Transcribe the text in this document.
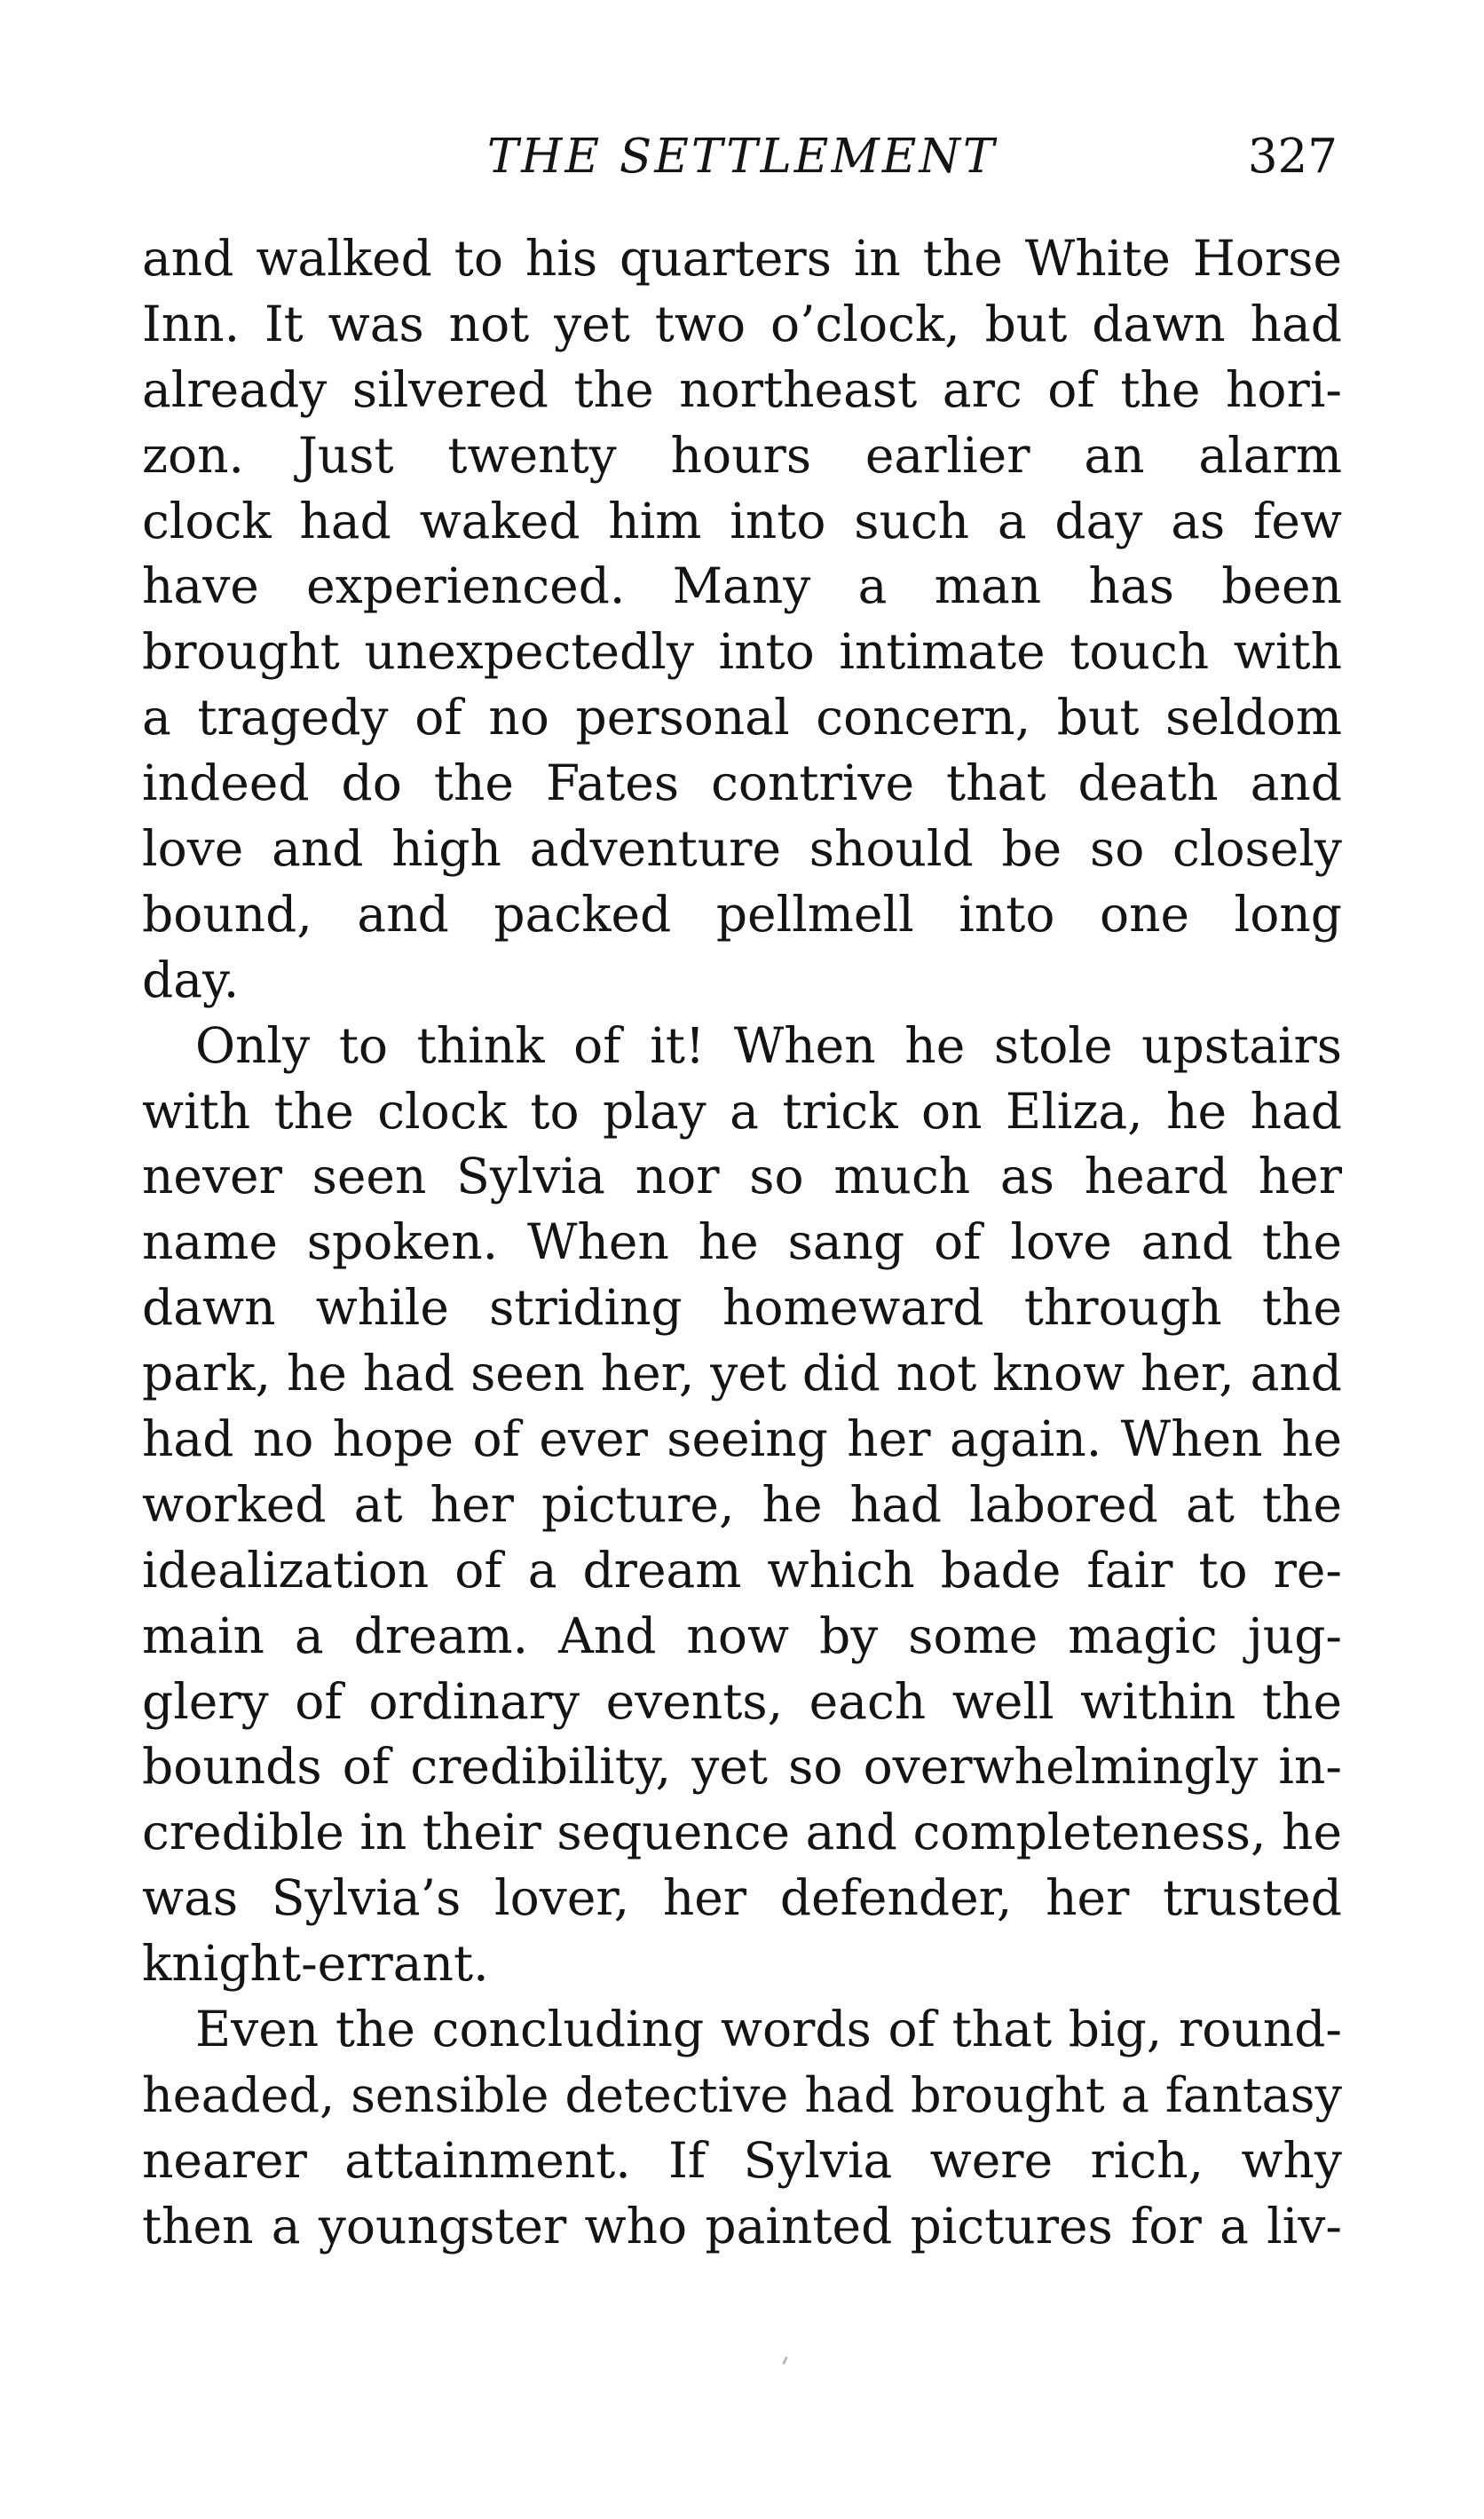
THE SETTLEMENT	327
and walked to his quarters in the White Horse
Inn. It was not yet two o’clock, but dawn had
already silvered the northeast arc of the hori-
zon. Just twenty hours earlier an alarm
clock had waked him into such a day as few
have experienced. Many a man has been
brought unexpectedly into intimate touch with
a tragedy of no personal concern, but seldom
indeed do the Fates contrive that death and
love and high adventure should be so closely
bound, and packed pellmell into one long
day.
Only to think of it! When he stole upstairs
with the clock to play a trick on Eliza, he had
never seen Sylvia nor so much as heard her
name spoken. When he sang of love and the
dawn while striding homeward through the
park, he had seen her, yet did not know her, and
had no hope of ever seeing her again. When he
worked at her picture, he had labored at the
idealization of a dream which bade fair to re-
main a dream. And now by some magic jug-
glery of ordinary events, each well within the
bounds of credibility, yet so overwhelmingly in-
credible in their sequence and completeness, he
was Sylvia’s lover, her defender, her trusted
knight-errant.
Even the concluding words of that big, round-
headed, sensible detective had brought a fantasy
nearer attainment. If Sylvia were rich, why
then a youngster who painted pictures for a liv-
